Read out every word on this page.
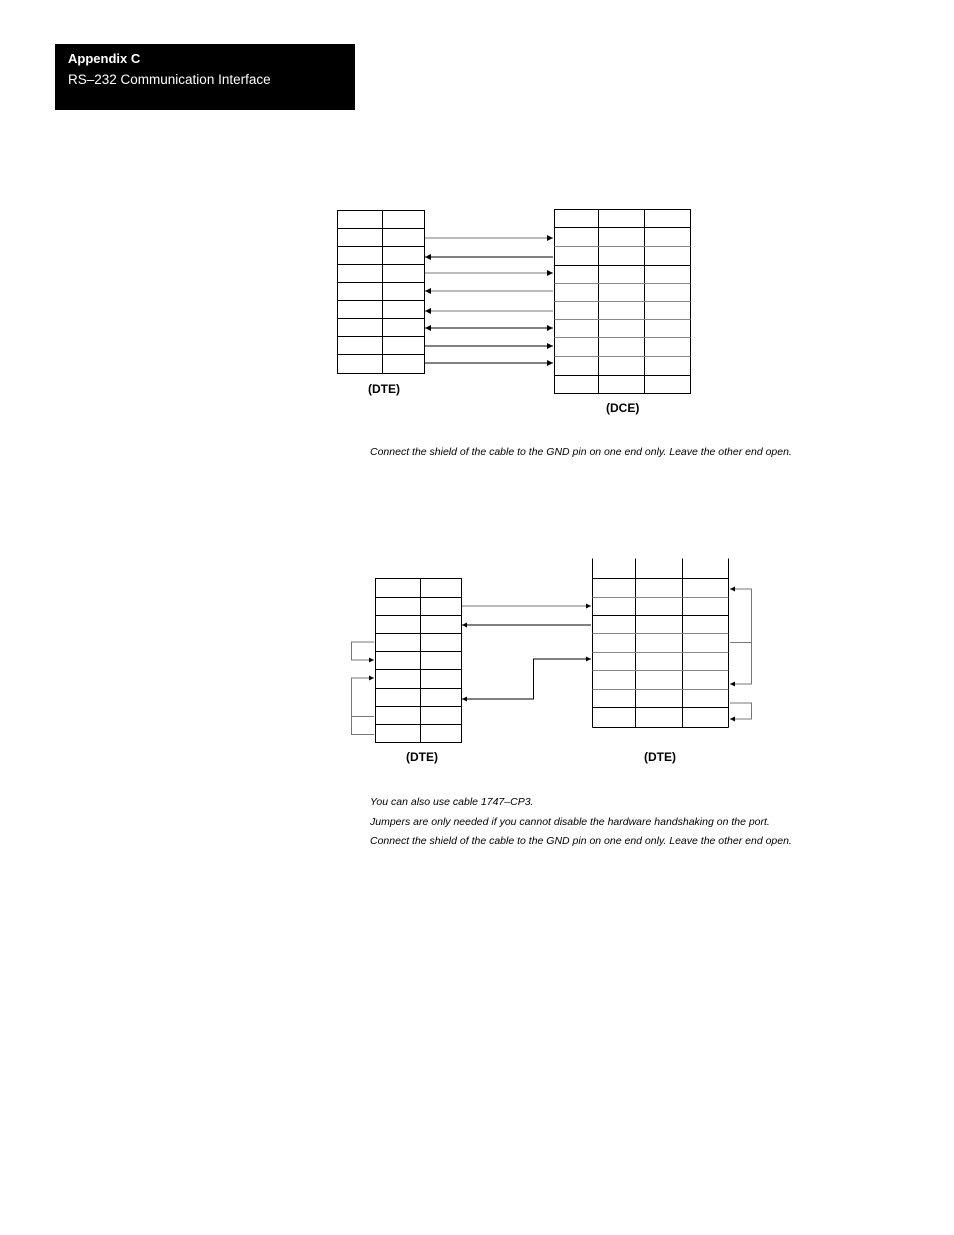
Appendix C
RS–232 Communication Interface
(DTE)
(DCE)
Connect the shield of the cable to the GND pin on one end only. Leave the other end open.
(DTE)	(DTE)
You can also use cable 1747–CP3.
Jumpers are only needed if you cannot disable the hardware handshaking on the port.
Connect the shield of the cable to the GND pin on one end only. Leave the other end open.
